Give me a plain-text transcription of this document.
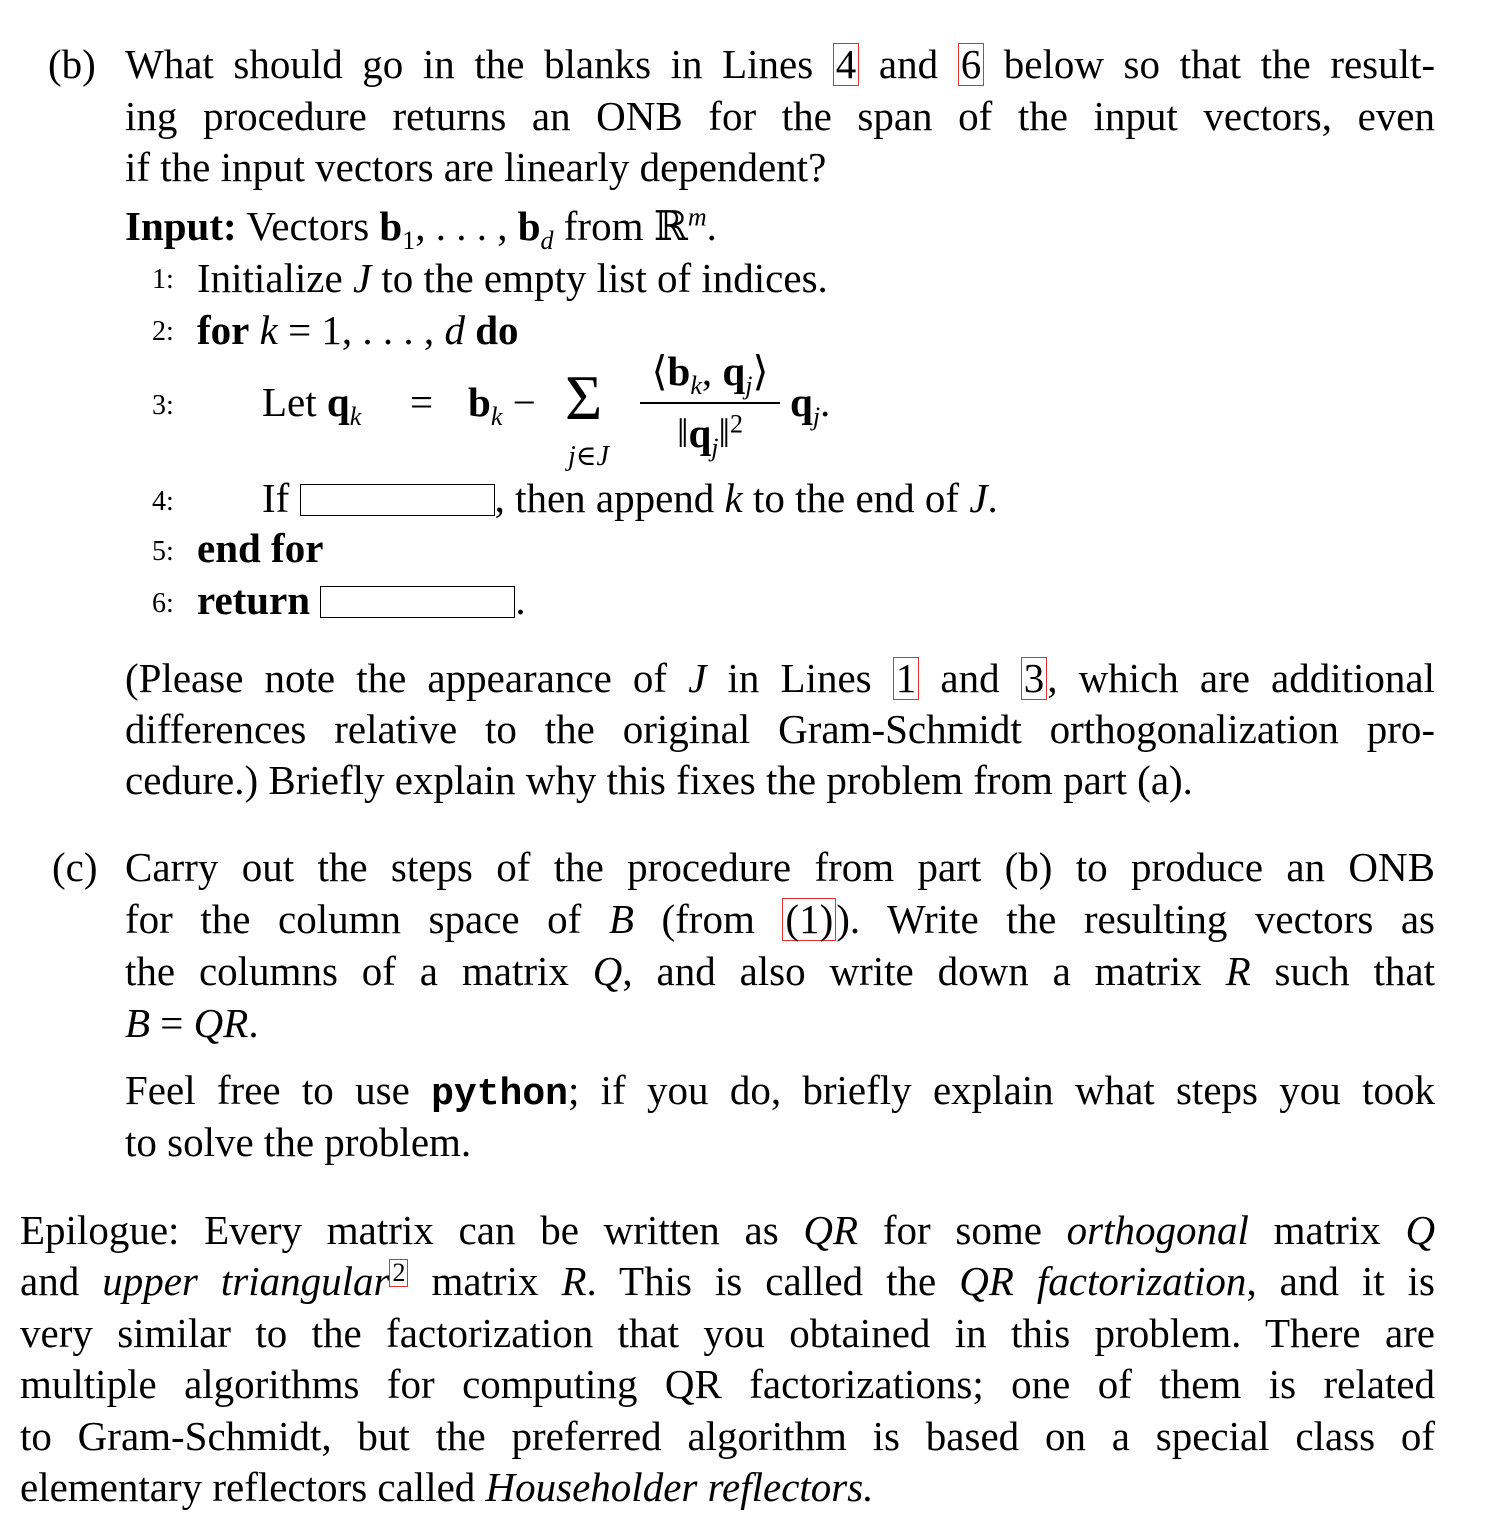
(b) What should go in the blanks in Lines 4 and 6 below so that the result-
ing procedure returns an ONB for the span of the input vectors, even
if the input vectors are linearly dependent?
Input: Vectors $b_1$, . . . , $b_d$ from ℝ$^m$.
1: Initialize J to the empty list of indices.
2: for k = 1, . . . , d do
3: Let $q_k = b_k - \Sigma$
j∈J
$⟨b_k$, $q_j⟩$
$‖q_j‖^2$	$q_j$.
4: If	, then append k to the end of J.
5: end for
6: return	.
(Please note the appearance of J in Lines 1 and 3, which are additional
differences relative to the original Gram-Schmidt orthogonalization pro-
cedure.) Briefly explain why this fixes the problem from part (a).
(c) Carry out the steps of the procedure from part (b) to produce an ONB
for the column space of B (from (1)). Write the resulting vectors as
the columns of a matrix Q, and also write down a matrix R such that
B = QR.
Feel free to use python; if you do, briefly explain what steps you took
to solve the problem.
Epilogue: Every matrix can be written as QR for some orthogonal matrix Q
and upper triangular 2 matrix R. This is called the QR factorization, and it is
very similar to the factorization that you obtained in this problem. There are
multiple algorithms for computing QR factorizations; one of them is related
to Gram-Schmidt, but the preferred algorithm is based on a special class of
elementary reflectors called Householder reflectors.
